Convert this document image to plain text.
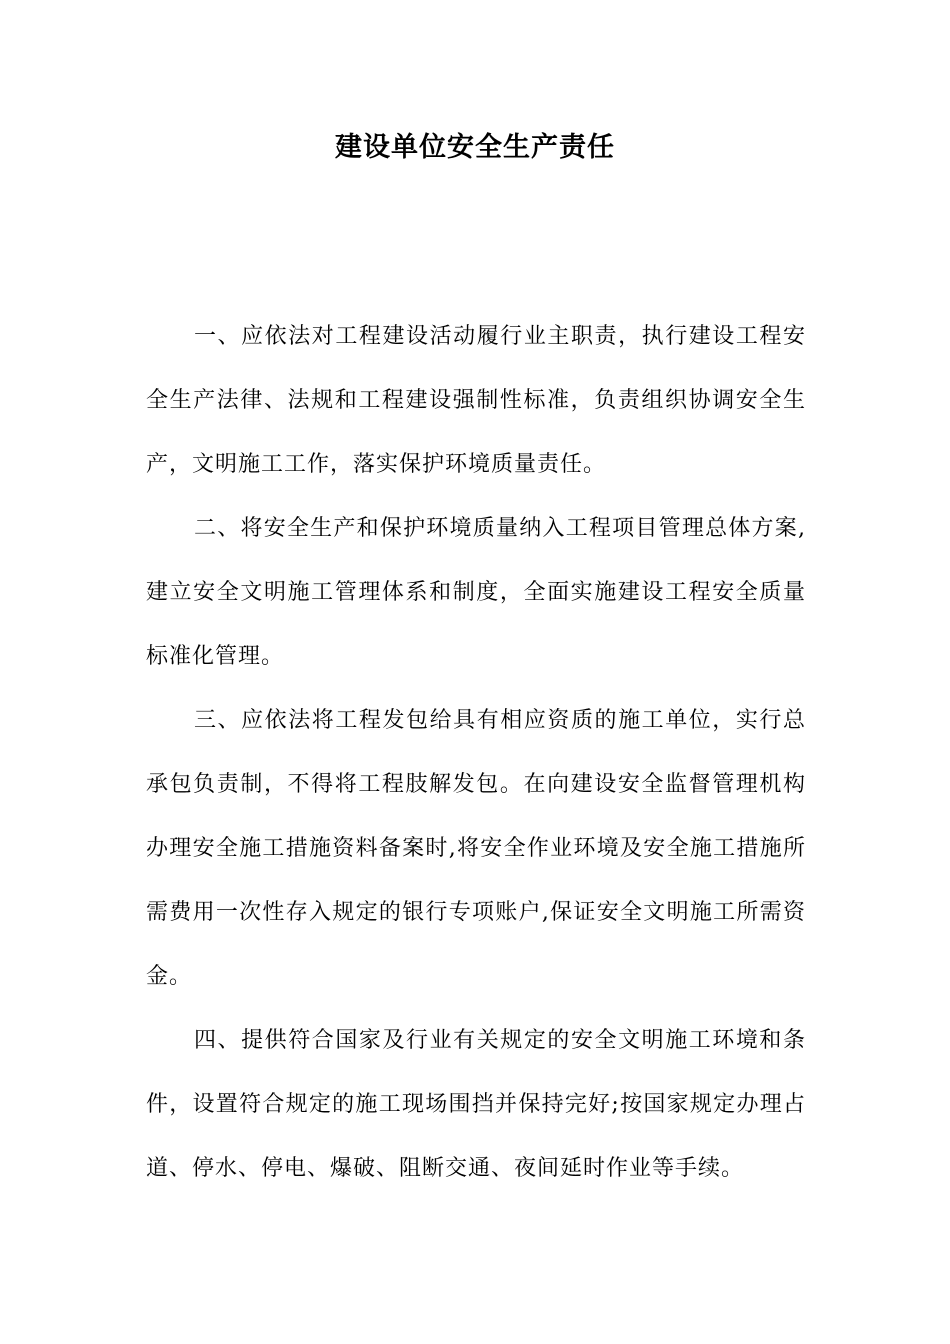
建设单位安全生产责任

一、应依法对工程建设活动履行业主职责，执行建设工程安全生产法律、法规和工程建设强制性标准，负责组织协调安全生产，文明施工工作，落实保护环境质量责任。

二、将安全生产和保护环境质量纳入工程项目管理总体方案,建立安全文明施工管理体系和制度，全面实施建设工程安全质量标准化管理。

三、应依法将工程发包给具有相应资质的施工单位，实行总承包负责制，不得将工程肢解发包。在向建设安全监督管理机构办理安全施工措施资料备案时,将安全作业环境及安全施工措施所需费用一次性存入规定的银行专项账户,保证安全文明施工所需资金。

四、提供符合国家及行业有关规定的安全文明施工环境和条件，设置符合规定的施工现场围挡并保持完好;按国家规定办理占道、停水、停电、爆破、阻断交通、夜间延时作业等手续。
